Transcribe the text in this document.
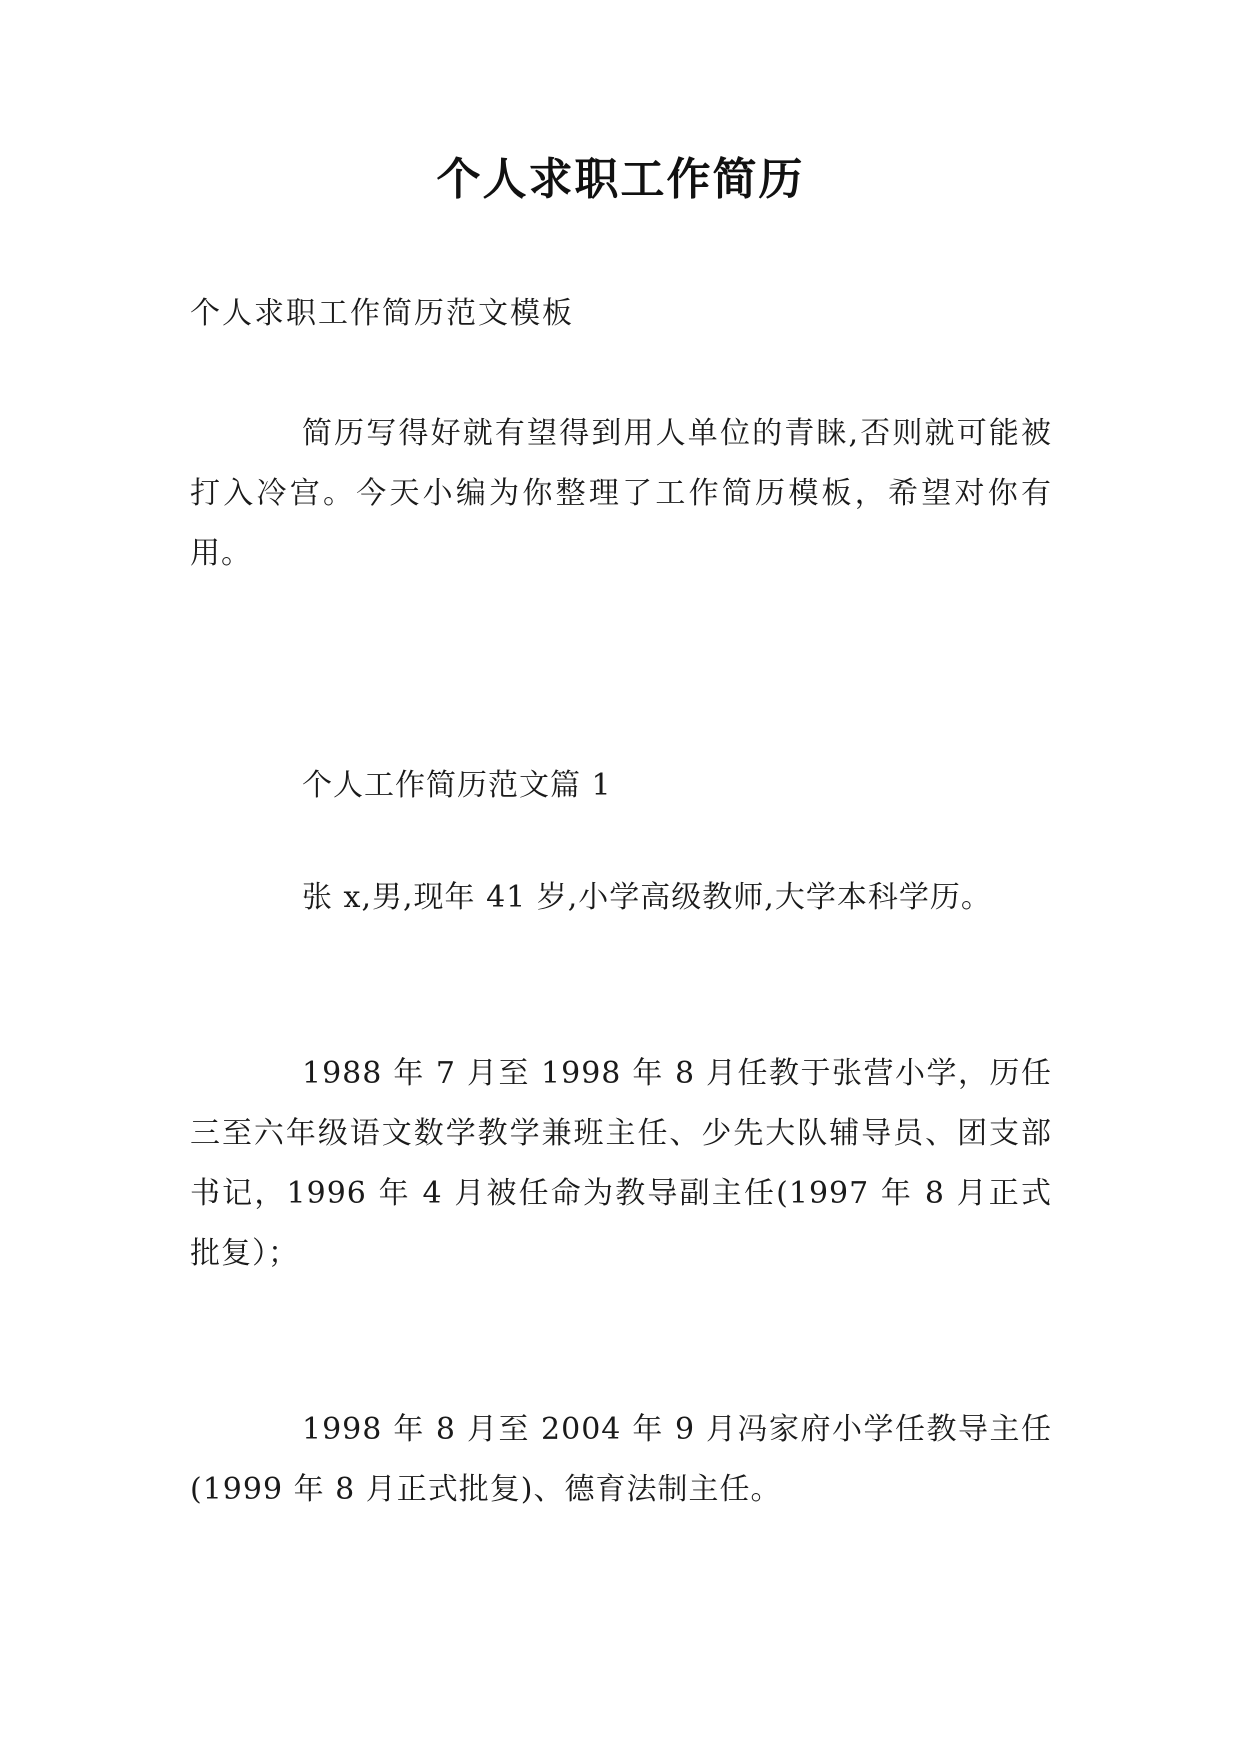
个人求职工作简历
个人求职工作简历范文模板
简历写得好就有望得到用人单位的青睐,否则就可能被打入冷宫。今天小编为你整理了工作简历模板，希望对你有用。
个人工作简历范文篇 1
张 x,男,现年 41 岁,小学高级教师,大学本科学历。
1988 年 7 月至 1998 年 8 月任教于张营小学，历任三至六年级语文数学教学兼班主任、少先大队辅导员、团支部书记，1996 年 4 月被任命为教导副主任(1997 年 8 月正式批复）；
1998 年 8 月至 2004 年 9 月冯家府小学任教导主任(1999 年 8 月正式批复)、德育法制主任。
